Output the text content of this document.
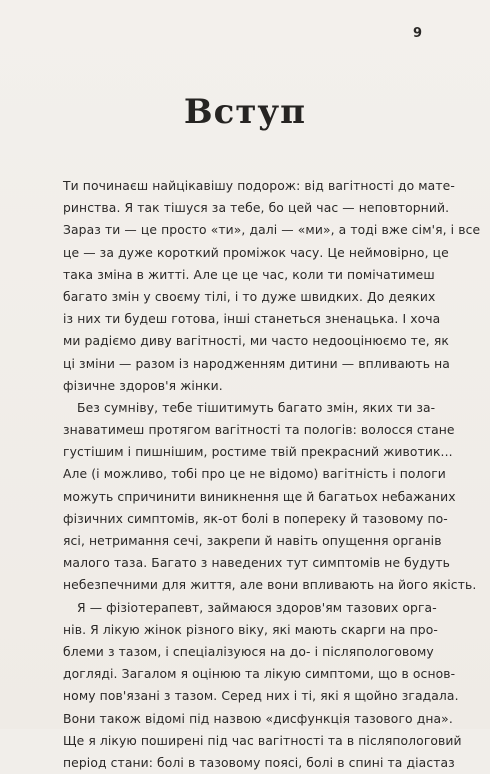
9
Вступ
Ти починаєш найцікавішу подорож: від вагітності до мате-
ринства. Я так тішуся за тебе, бо цей час — неповторний.
Зараз ти — це просто «ти», далі — «ми», а тоді вже сім'я, і все
це — за дуже короткий проміжок часу. Це неймовірно, це
така зміна в житті. Але це це час, коли ти помічатимеш
багато змін у своєму тілі, і то дуже швидких. До деяких
із них ти будеш готова, інші станеться зненацька. І хоча
ми радіємо диву вагітності, ми часто недооцінюємо те, як
ці зміни — разом із народженням дитини — впливають на
фізичне здоров'я жінки.
Без сумніву, тебе тішитимуть багато змін, яких ти за-
знаватимеш протягом вагітності та пологів: волосся стане
густішим і пишнішим, ростиме твій прекрасний животик...
Але (і можливо, тобі про це не відомо) вагітність і пологи
можуть спричинити виникнення ще й багатьох небажаних
фізичних симптомів, як-от болі в попереку й тазовому по-
ясі, нетримання сечі, закрепи й навіть опущення органів
малого таза. Багато з наведених тут симптомів не будуть
небезпечними для життя, але вони впливають на його якість.
Я — фізіотерапевт, займаюся здоров'ям тазових орга-
нів. Я лікую жінок різного віку, які мають скарги на про-
блеми з тазом, і спеціалізуюся на до- і післяпологовому
догляді. Загалом я оцінюю та лікую симптоми, що в основ-
ному пов'язані з тазом. Серед них і ті, які я щойно згадала.
Вони також відомі під назвою «дисфункція тазового дна».
Ще я лікую поширені під час вагітності та в післяпологовий
період стани: болі в тазовому поясі, болі в спині та діастаз
